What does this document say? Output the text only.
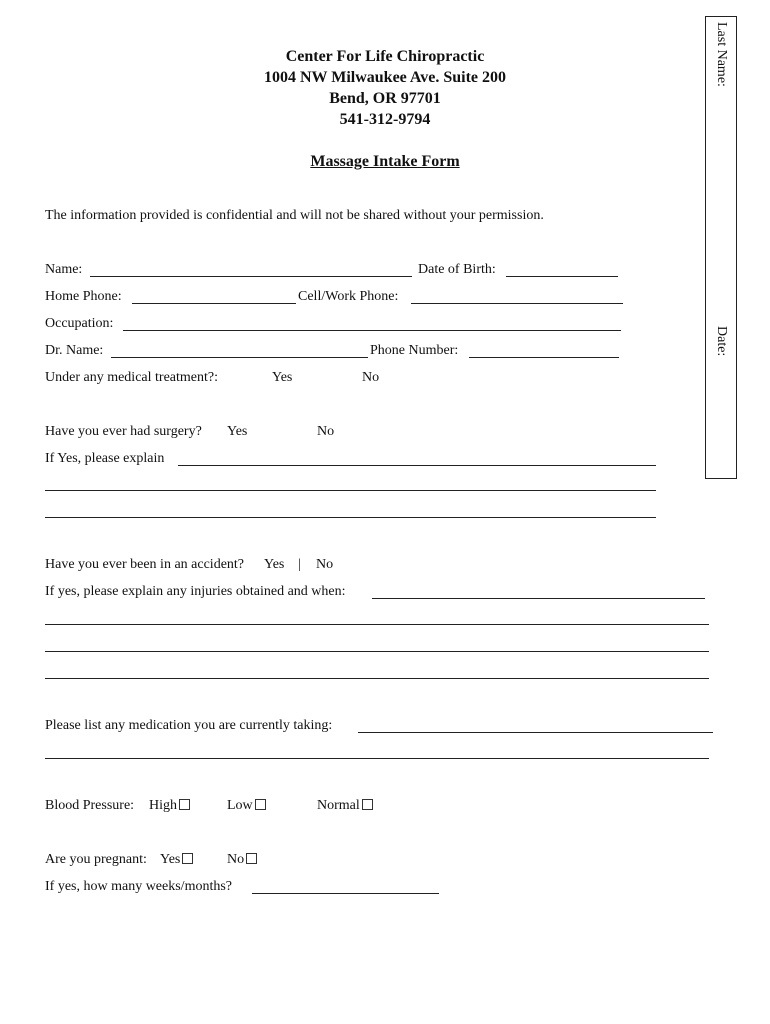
Center For Life Chiropractic
1004 NW Milwaukee Ave. Suite 200
Bend, OR 97701
541-312-9794
Massage Intake Form
The information provided is confidential and will not be shared without your permission.
Name:	Date of Birth:
Home Phone:	Cell/Work Phone:
Occupation:
Dr. Name:	Phone Number:
Under any medical treatment?:	Yes	No
Have you ever had surgery? Yes	No
If Yes, please explain
Have you ever been in an accident? Yes | No
If yes, please explain any injuries obtained and when:
Please list any medication you are currently taking:
Blood Pressure: High	Low	Normal
Are you pregnant: Yes	No
If yes, how many weeks/months?
Last Name:
Date:
